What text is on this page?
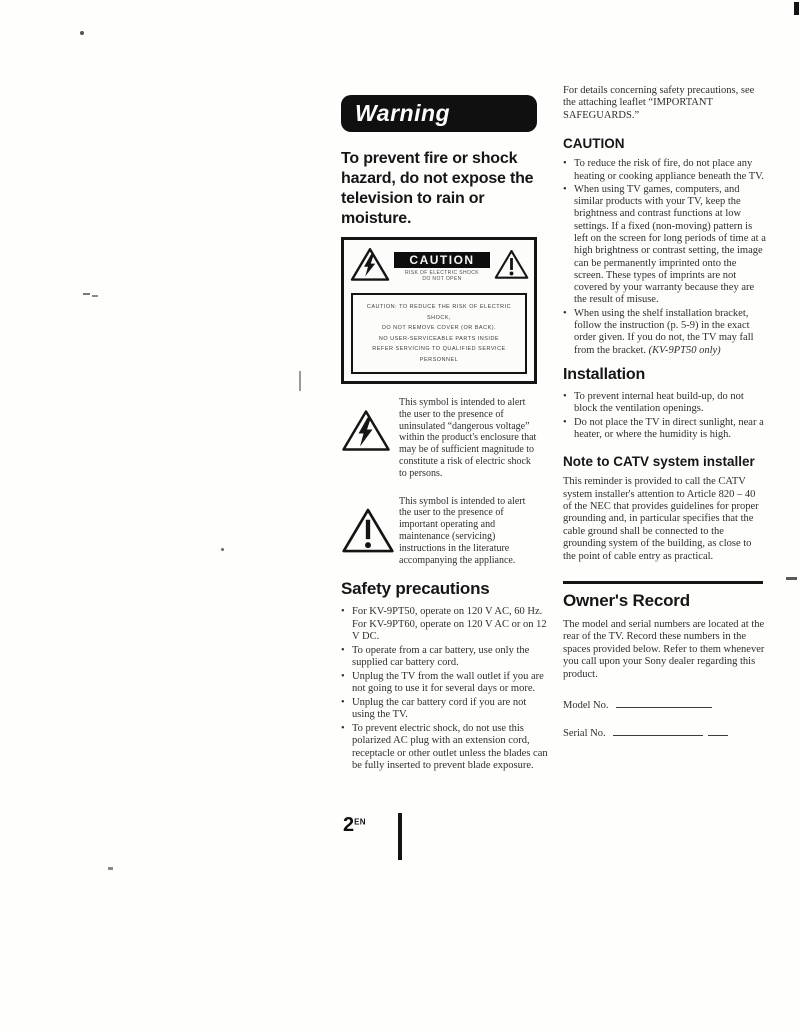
Warning
To prevent fire or shock hazard, do not expose the television to rain or moisture.
CAUTION
RISK OF ELECTRIC SHOCK
DO NOT OPEN
CAUTION: TO REDUCE THE RISK OF ELECTRIC SHOCK,
DO NOT REMOVE COVER (OR BACK).
NO USER-SERVICEABLE PARTS INSIDE
REFER SERVICING TO QUALIFIED SERVICE PERSONNEL

This symbol is intended to alert the user to the presence of uninsulated “dangerous voltage” within the product's enclosure that may be of sufficient magnitude to constitute a risk of electric shock to persons.

This symbol is intended to alert the user to the presence of important operating and maintenance (servicing) instructions in the literature accompanying the appliance.

Safety precautions
• For KV-9PT50, operate on 120 V AC, 60 Hz. For KV-9PT60, operate on 120 V AC or on 12 V DC.
• To operate from a car battery, use only the supplied car battery cord.
• Unplug the TV from the wall outlet if you are not going to use it for several days or more.
• Unplug the car battery cord if you are not using the TV.
• To prevent electric shock, do not use this polarized AC plug with an extension cord, receptacle or other outlet unless the blades can be fully inserted to prevent blade exposure.
$2^{EN}$

For details concerning safety precautions, see the attaching leaflet “IMPORTANT SAFEGUARDS.”

CAUTION
• To reduce the risk of fire, do not place any heating or cooking appliance beneath the TV.
• When using TV games, computers, and similar products with your TV, keep the brightness and contrast functions at low settings. If a fixed (non-moving) pattern is left on the screen for long periods of time at a high brightness or contrast setting, the image can be permanently imprinted onto the screen. These types of imprints are not covered by your warranty because they are the result of misuse.
• When using the shelf installation bracket, follow the instruction (p. 5-9) in the exact order given. If you do not, the TV may fall from the bracket. (KV-9PT50 only)
Installation
• To prevent internal heat build-up, do not block the ventilation openings.
• Do not place the TV in direct sunlight, near a heater, or where the humidity is high.
Note to CATV system installer

This reminder is provided to call the CATV system installer's attention to Article 820 – 40 of the NEC that provides guidelines for proper grounding and, in particular specifies that the cable ground shall be connected to the grounding system of the building, as close to the point of cable entry as practical.

Owner's Record

The model and serial numbers are located at the rear of the TV. Record these numbers in the spaces provided below. Refer to them whenever you call upon your Sony dealer regarding this product.

Model No.
Serial No.
